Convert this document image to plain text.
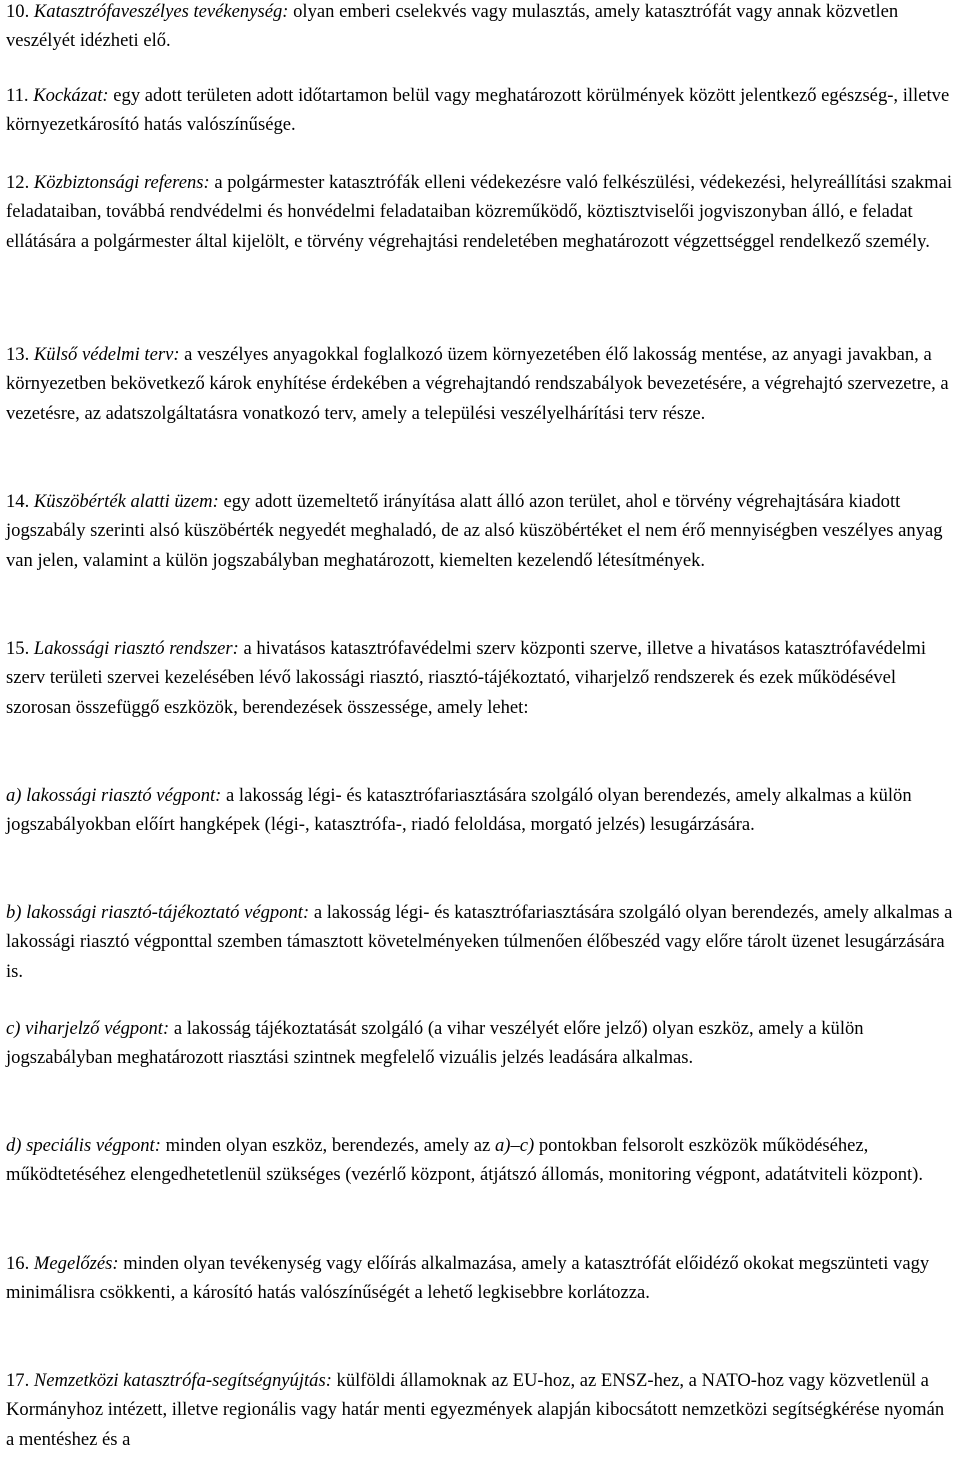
10. Katasztrófaveszélyes tevékenység: olyan emberi cselekvés vagy mulasztás, amely katasztrófát vagy annak közvetlen veszélyét idézheti elő.

11. Kockázat: egy adott területen adott időtartamon belül vagy meghatározott körülmények között jelentkező egészség-, illetve környezetkárosító hatás valószínűsége.

12. Közbiztonsági referens: a polgármester katasztrófák elleni védekezésre való felkészülési, védekezési, helyreállítási szakmai feladataiban, továbbá rendvédelmi és honvédelmi feladataiban közreműködő, köztisztviselői jogviszonyban álló, e feladat ellátására a polgármester által kijelölt, e törvény végrehajtási rendeletében meghatározott végzettséggel rendelkező személy.

13. Külső védelmi terv: a veszélyes anyagokkal foglalkozó üzem környezetében élő lakosság mentése, az anyagi javakban, a környezetben bekövetkező károk enyhítése érdekében a végrehajtandó rendszabályok bevezetésére, a végrehajtó szervezetre, a vezetésre, az adatszolgáltatásra vonatkozó terv, amely a települési veszélyelhárítási terv része.

14. Küszöbérték alatti üzem: egy adott üzemeltető irányítása alatt álló azon terület, ahol e törvény végrehajtására kiadott jogszabály szerinti alsó küszöbérték negyedét meghaladó, de az alsó küszöbértéket el nem érő mennyiségben veszélyes anyag van jelen, valamint a külön jogszabályban meghatározott, kiemelten kezelendő létesítmények.

15. Lakossági riasztó rendszer: a hivatásos katasztrófavédelmi szerv központi szerve, illetve a hivatásos katasztrófavédelmi szerv területi szervei kezelésében lévő lakossági riasztó, riasztó-tájékoztató, viharjelző rendszerek és ezek működésével szorosan összefüggő eszközök, berendezések összessége, amely lehet:

a) lakossági riasztó végpont: a lakosság légi- és katasztrófariasztására szolgáló olyan berendezés, amely alkalmas a külön jogszabályokban előírt hangképek (légi-, katasztrófa-, riadó feloldása, morgató jelzés) lesugárzására.

b) lakossági riasztó-tájékoztató végpont: a lakosság légi- és katasztrófariasztására szolgáló olyan berendezés, amely alkalmas a lakossági riasztó végponttal szemben támasztott követelményeken túlmenően élőbeszéd vagy előre tárolt üzenet lesugárzására is.

c) viharjelző végpont: a lakosság tájékoztatását szolgáló (a vihar veszélyét előre jelző) olyan eszköz, amely a külön jogszabályban meghatározott riasztási szintnek megfelelő vizuális jelzés leadására alkalmas.

d) speciális végpont: minden olyan eszköz, berendezés, amely az a)–c) pontokban felsorolt eszközök működéséhez, működtetéséhez elengedhetetlenül szükséges (vezérlő központ, átjátszó állomás, monitoring végpont, adatátviteli központ).

16. Megelőzés: minden olyan tevékenység vagy előírás alkalmazása, amely a katasztrófát előidéző okokat megszünteti vagy minimálisra csökkenti, a károsító hatás valószínűségét a lehető legkisebbre korlátozza.

17. Nemzetközi katasztrófa-segítségnyújtás: külföldi államoknak az EU-hoz, az ENSZ-hez, a NATO-hoz vagy közvetlenül a Kormányhoz intézett, illetve regionális vagy határ menti egyezmények alapján kibocsátott nemzetközi segítségkérése nyomán a mentéshez és a
